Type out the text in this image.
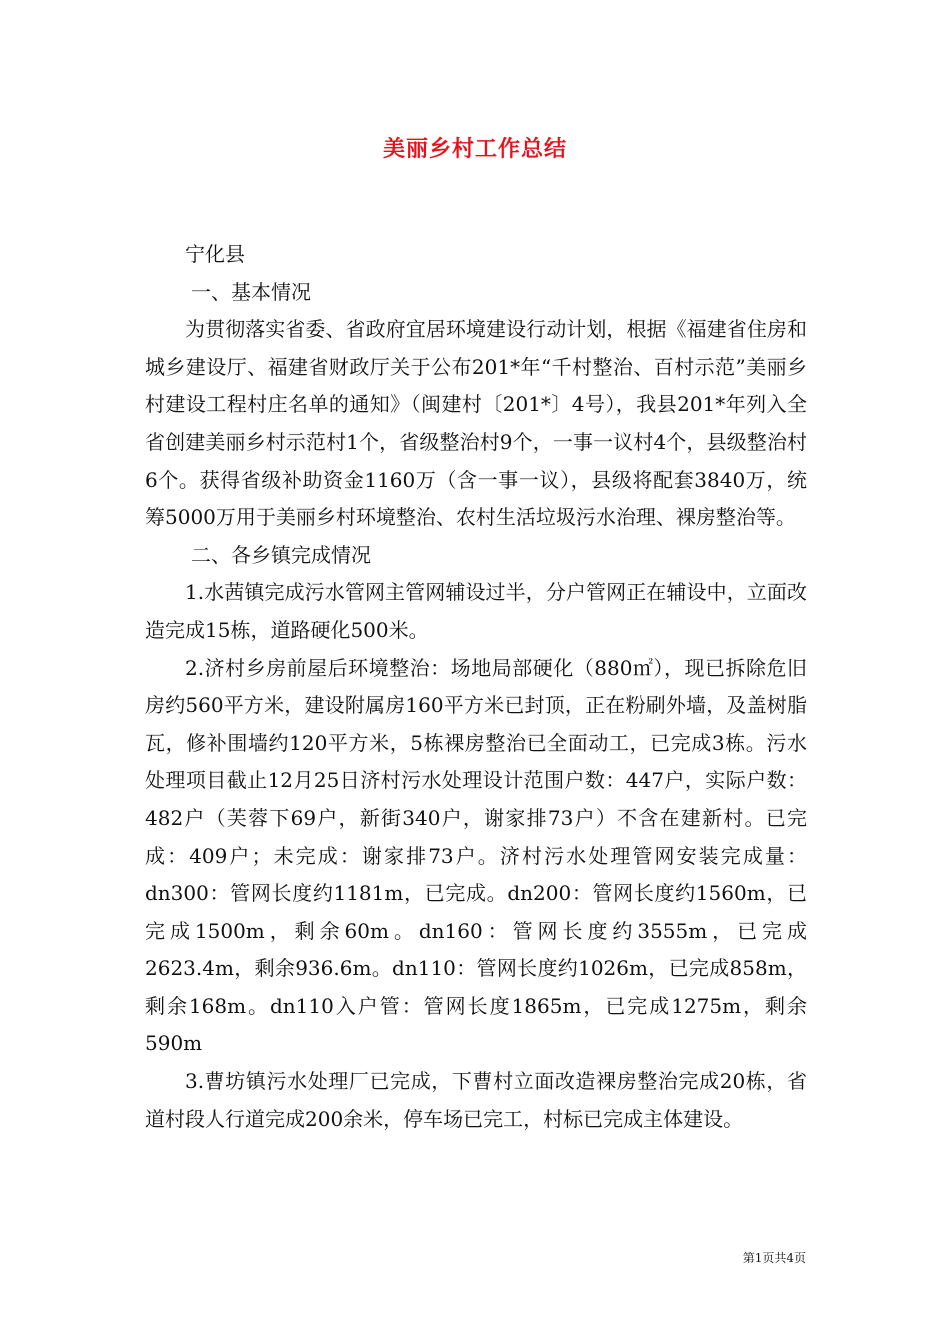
美丽乡村工作总结

宁化县

一、基本情况

为贯彻落实省委、省政府宜居环境建设行动计划，根据《福建省住房和城乡建设厅、福建省财政厅关于公布201*年“千村整治、百村示范”美丽乡村建设工程村庄名单的通知》（闽建村〔201*〕4号），我县201*年列入全省创建美丽乡村示范村1个，省级整治村9个，一事一议村4个，县级整治村6个。获得省级补助资金1160万（含一事一议），县级将配套3840万，统筹5000万用于美丽乡村环境整治、农村生活垃圾污水治理、裸房整治等。

二、各乡镇完成情况

1.水茜镇完成污水管网主管网辅设过半，分户管网正在辅设中，立面改造完成15栋，道路硬化500米。

2.济村乡房前屋后环境整治：场地局部硬化（880㎡），现已拆除危旧房约560平方米，建设附属房160平方米已封顶，正在粉刷外墙，及盖树脂瓦，修补围墙约120平方米，5栋裸房整治已全面动工，已完成3栋。污水处理项目截止12月25日济村污水处理设计范围户数：447户，实际户数：482户（芙蓉下69户，新街340户，谢家排73户）不含在建新村。已完成：409户；未完成：谢家排73户。济村污水处理管网安装完成量：dn300：管网长度约1181m，已完成。dn200：管网长度约1560m，已完成1500m，剩余60m。dn160：管网长度约3555m，已完成2623.4m，剩余936.6m。dn110：管网长度约1026m，已完成858m，剩余168m。dn110入户管：管网长度1865m，已完成1275m，剩余590m

3.曹坊镇污水处理厂已完成，下曹村立面改造裸房整治完成20栋，省道村段人行道完成200余米，停车场已完工，村标已完成主体建设。

第1页共4页
